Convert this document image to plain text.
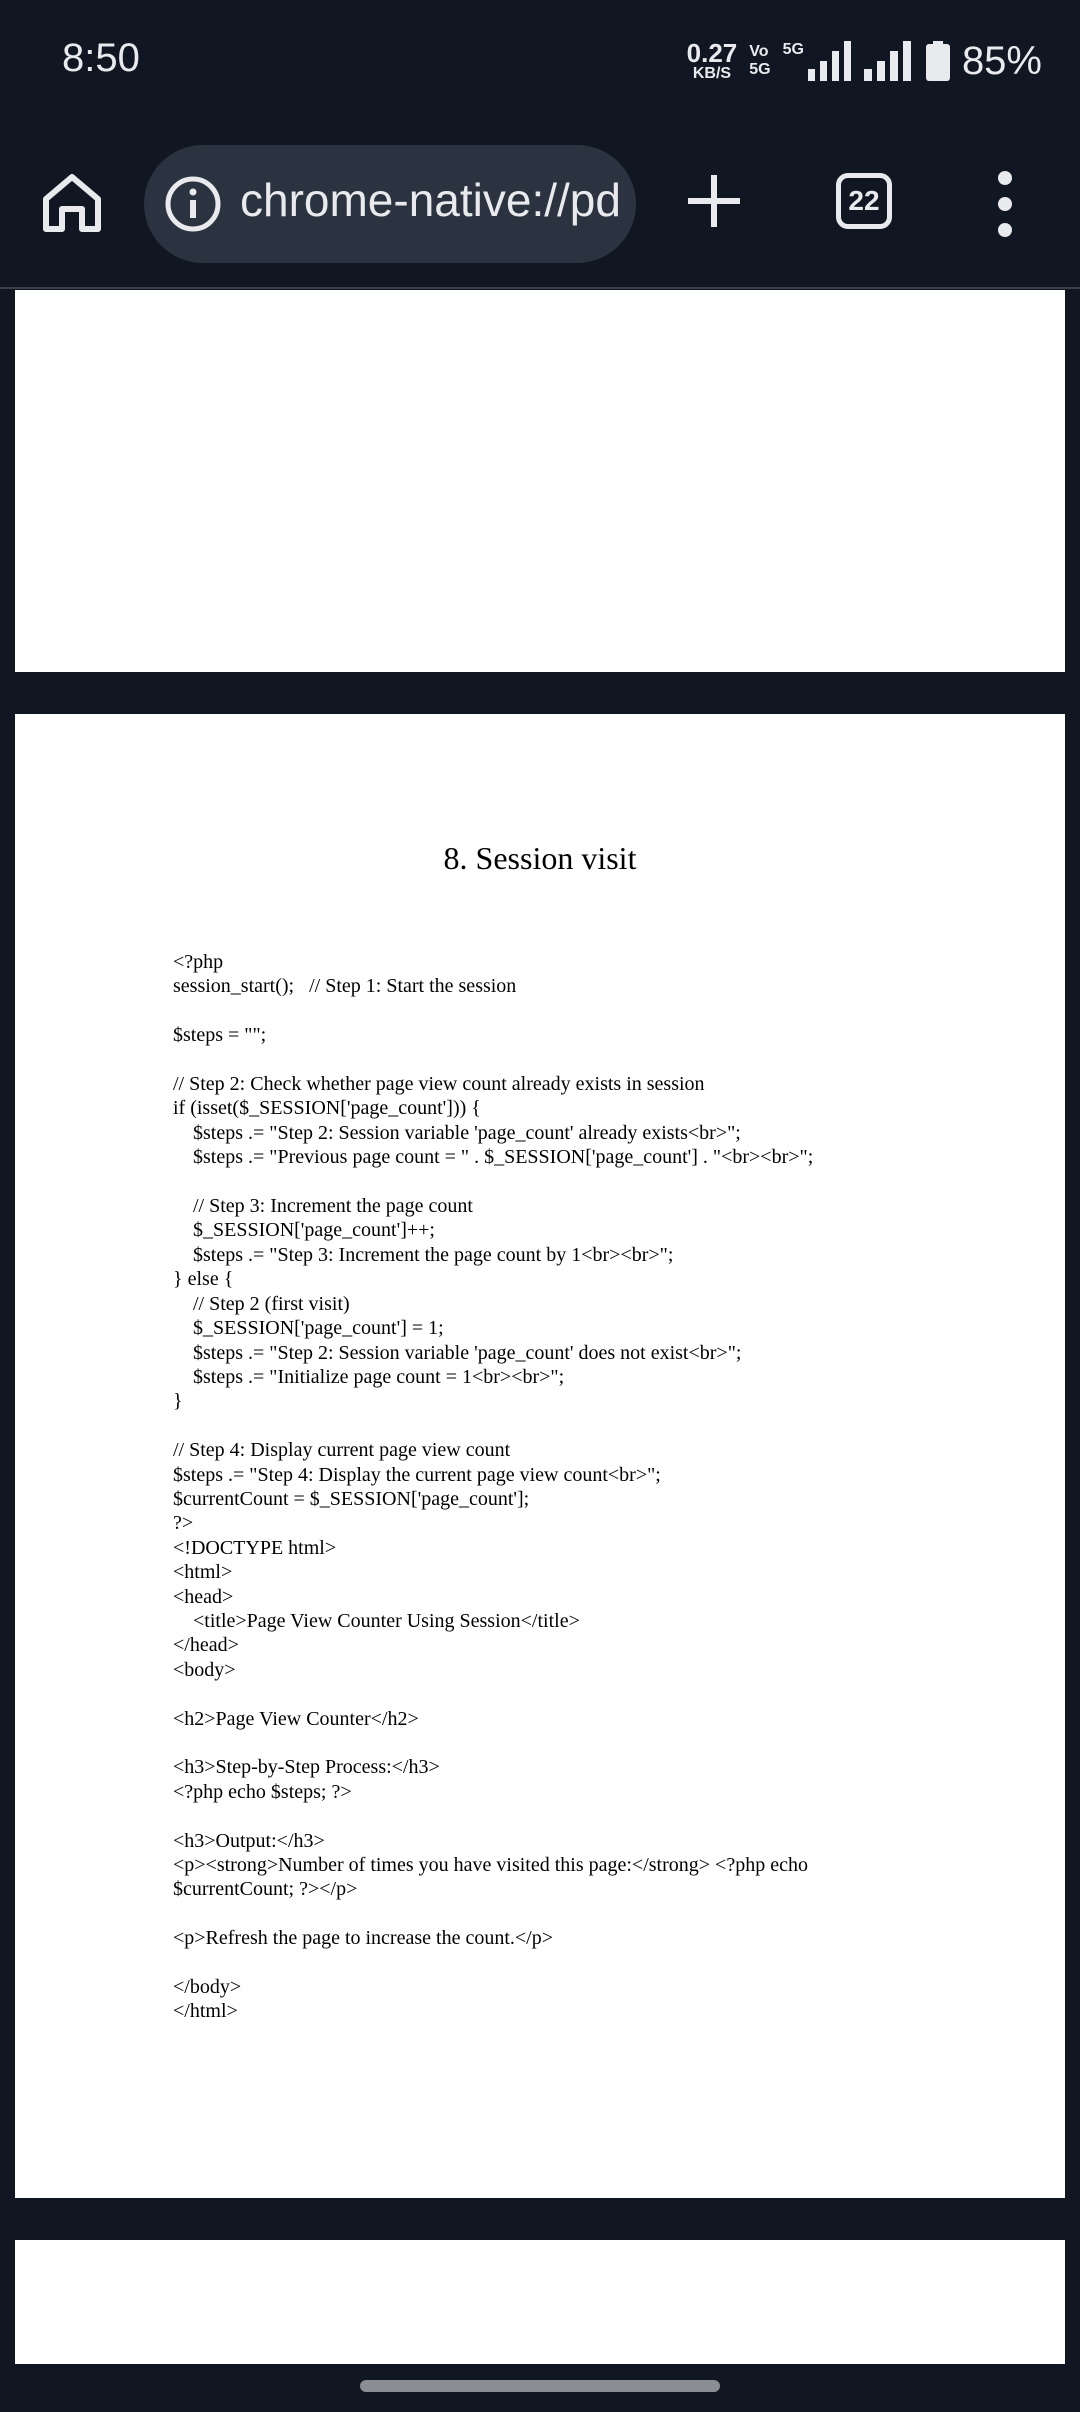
8:50	0.27
KB/S
Vo
5G
5G	85%
chrome-native://pd	22
8. Session visit
<?php
session_start();   // Step 1: Start the session

$steps = "";

// Step 2: Check whether page view count already exists in session
if (isset($_SESSION['page_count'])) {
$steps .= "Step 2: Session variable 'page_count' already exists<br>";
$steps .= "Previous page count = " . $_SESSION['page_count'] . "<br><br>";

// Step 3: Increment the page count
$_SESSION['page_count']++;
$steps .= "Step 3: Increment the page count by 1<br><br>";
} else {
// Step 2 (first visit)
$_SESSION['page_count'] = 1;
$steps .= "Step 2: Session variable 'page_count' does not exist<br>";
$steps .= "Initialize page count = 1<br><br>";
}

// Step 4: Display current page view count
$steps .= "Step 4: Display the current page view count<br>";
$currentCount = $_SESSION['page_count'];
?>
<!DOCTYPE html>
<html>
<head>
<title>Page View Counter Using Session</title>
</head>
<body>

<h2>Page View Counter</h2>

<h3>Step-by-Step Process:</h3>
<?php echo $steps; ?>

<h3>Output:</h3>
<p><strong>Number of times you have visited this page:</strong> <?php echo
$currentCount; ?></p>

<p>Refresh the page to increase the count.</p>

</body>
</html>
